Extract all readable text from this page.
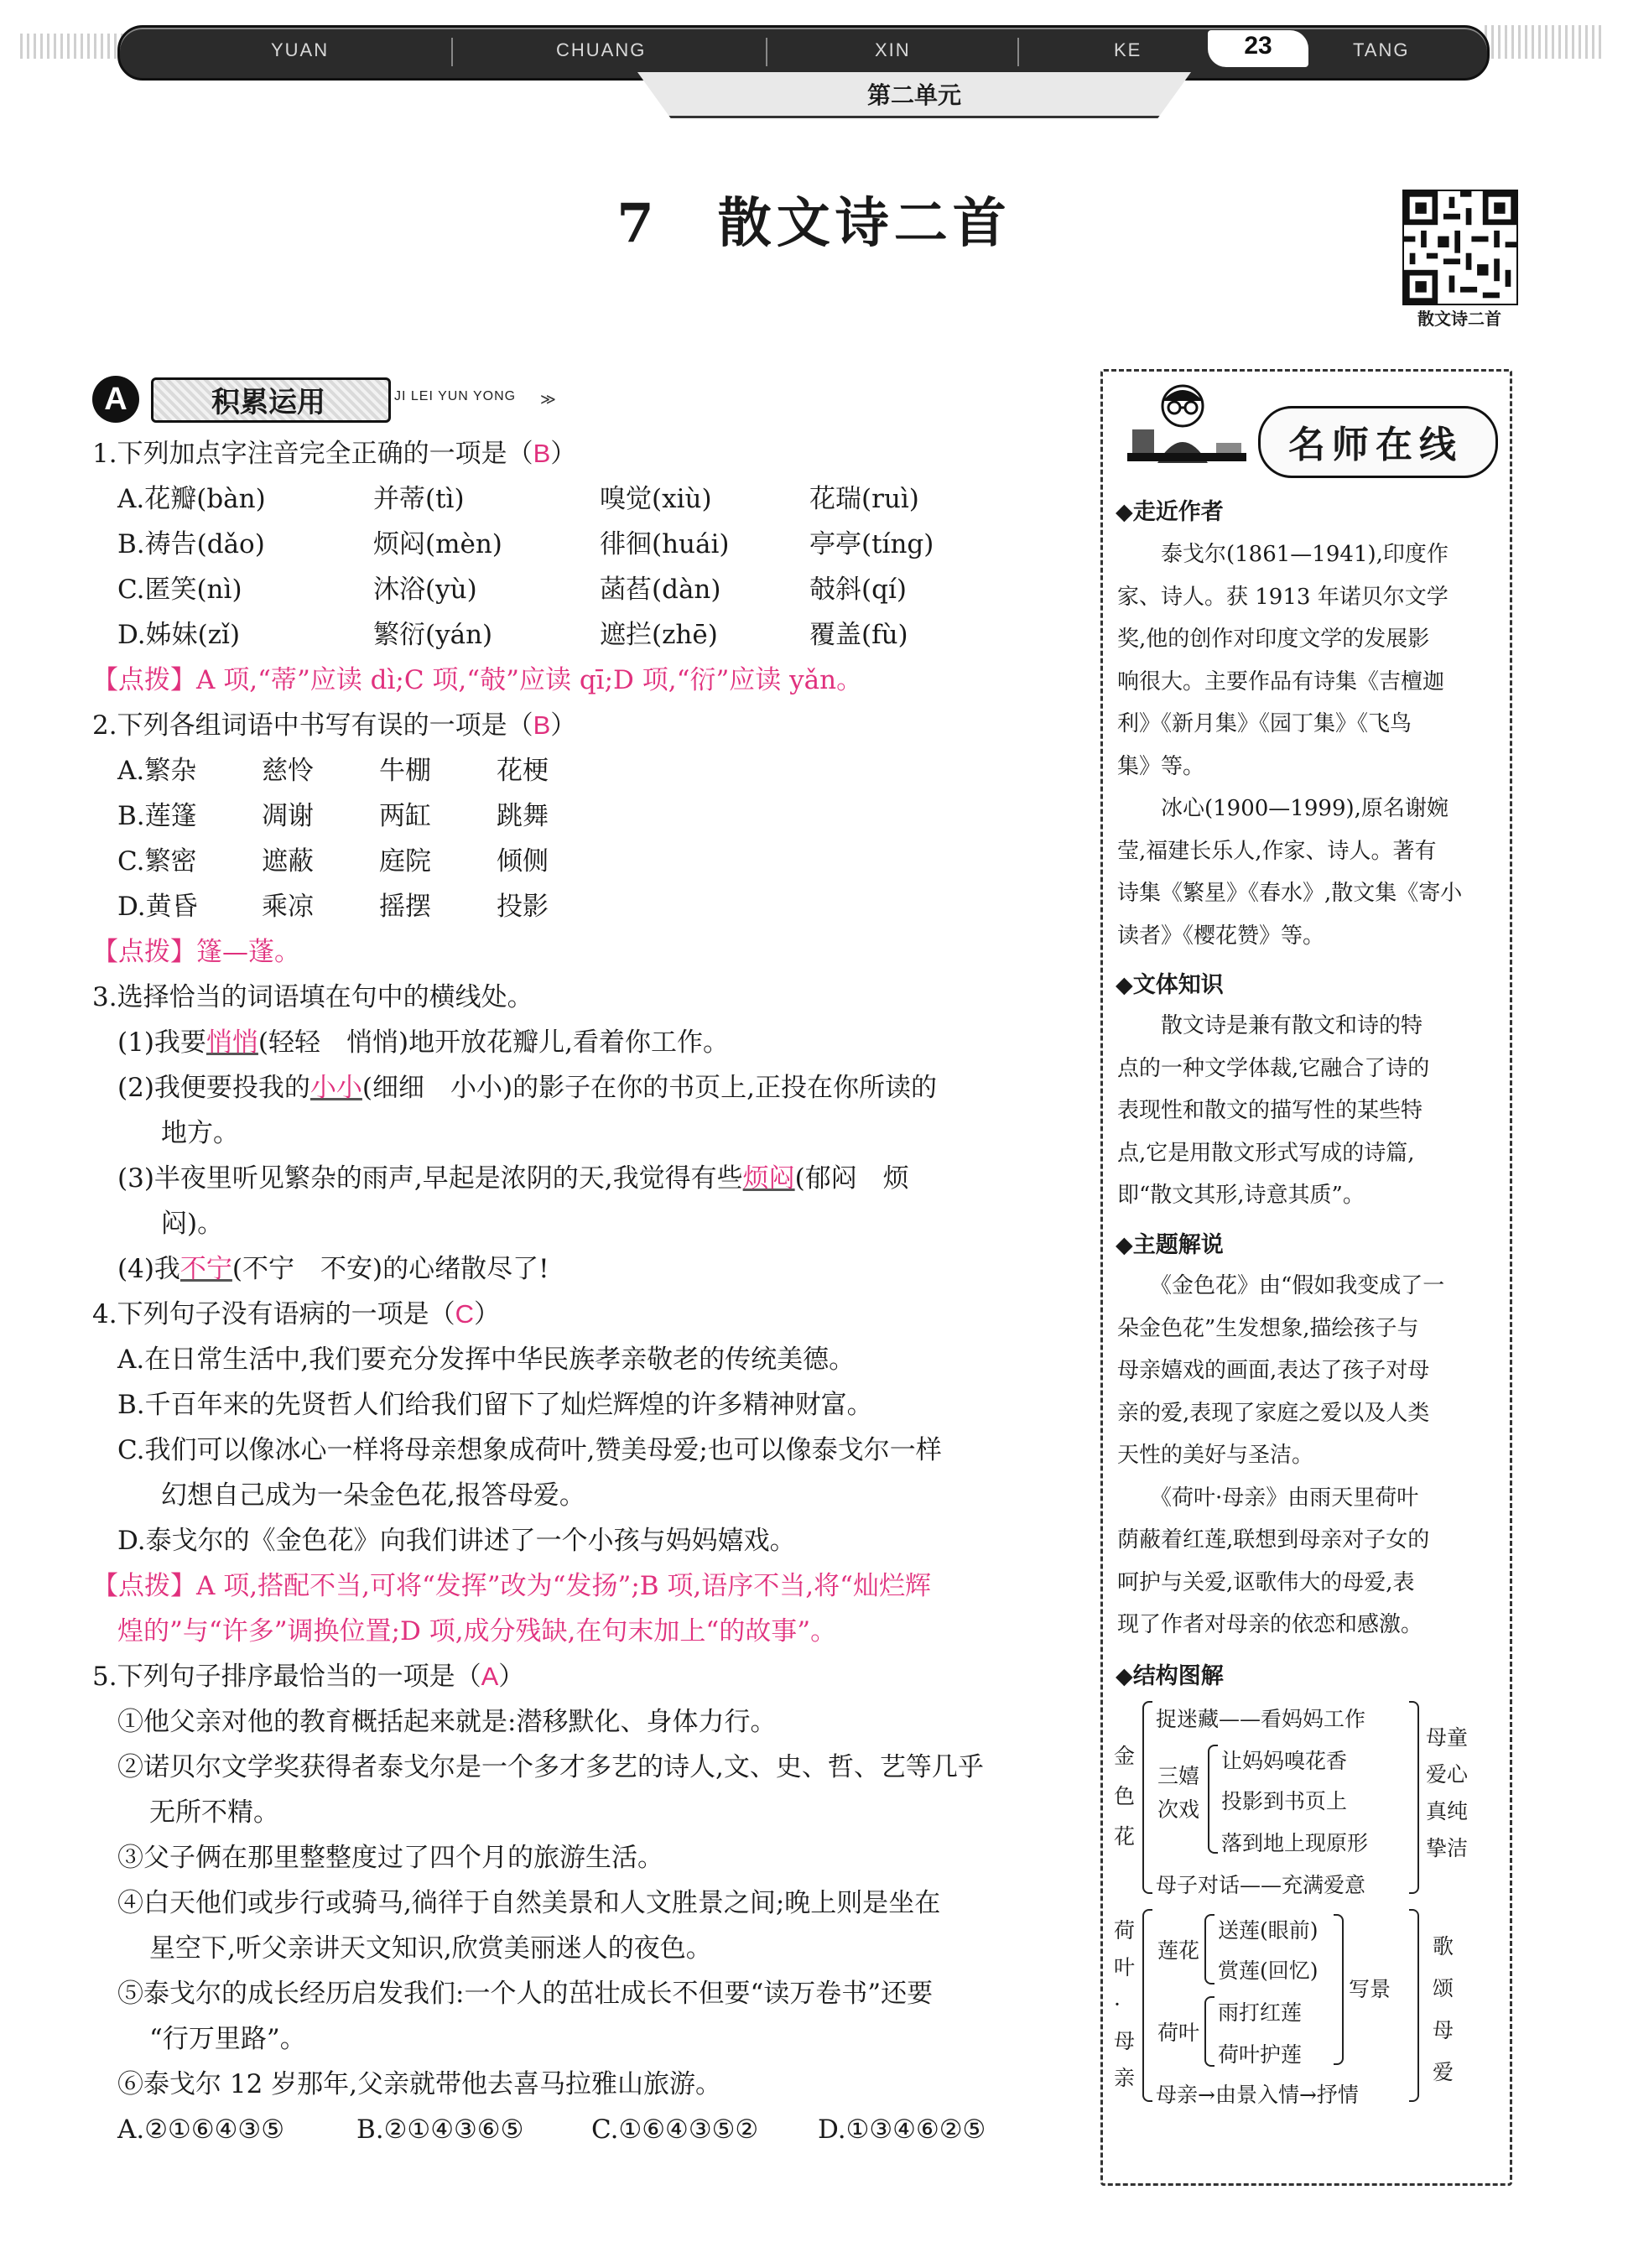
YUAN	CHUANG	XIN	KE	TANG
23
第二单元
7　散文诗二首
散文诗二首
A	积累运用	JI LEI YUN YONG ≫
1.下列加点字注音完全正确的一项是（B）
A.花瓣(bàn)	并蒂(tì)	嗅觉(xiù)	花瑞(ruì)
B.祷告(dǎo)	烦闷(mèn)	徘徊(huái)	亭亭(tíng)
C.匿笑(nì)	沐浴(yù)	菡萏(dàn)	攲斜(qí)
D.姊妹(zǐ)	繁衍(yán)	遮拦(zhē)	覆盖(fù)
【点拨】A 项,“蒂”应读 dì;C 项,“攲”应读 qī;D 项,“衍”应读 yǎn。
2.下列各组词语中书写有误的一项是（B）
A.繁杂	慈怜	牛棚	花梗
B.莲篷 凋谢	两缸	跳舞
C.繁密	遮蔽	庭院	倾侧
D.黄昏 乘凉	摇摆	投影
【点拨】篷—蓬。
3.选择恰当的词语填在句中的横线处。
(1)我要悄悄(轻轻　悄悄)地开放花瓣儿,看着你工作。
(2)我便要投我的小小(细细　小小)的影子在你的书页上,正投在你所读的
地方。
(3)半夜里听见繁杂的雨声,早起是浓阴的天,我觉得有些烦闷(郁闷　烦
闷)。
(4)我不宁(不宁　不安)的心绪散尽了!
4.下列句子没有语病的一项是（C）
A.在日常生活中,我们要充分发挥中华民族孝亲敬老的传统美德。
B.千百年来的先贤哲人们给我们留下了灿烂辉煌的许多精神财富。
C.我们可以像冰心一样将母亲想象成荷叶,赞美母爱;也可以像泰戈尔一样
幻想自己成为一朵金色花,报答母爱。
D.泰戈尔的《金色花》向我们讲述了一个小孩与妈妈嬉戏。
【点拨】A 项,搭配不当,可将“发挥”改为“发扬”;B 项,语序不当,将“灿烂辉
煌的”与“许多”调换位置;D 项,成分残缺,在句末加上“的故事”。
5.下列句子排序最恰当的一项是（A）
①他父亲对他的教育概括起来就是:潜移默化、身体力行。
②诺贝尔文学奖获得者泰戈尔是一个多才多艺的诗人,文、史、哲、艺等几乎
无所不精。
③父子俩在那里整整度过了四个月的旅游生活。
④白天他们或步行或骑马,徜徉于自然美景和人文胜景之间;晚上则是坐在
星空下,听父亲讲天文知识,欣赏美丽迷人的夜色。
⑤泰戈尔的成长经历启发我们:一个人的茁壮成长不但要“读万卷书”还要
“行万里路”。
⑥泰戈尔 12 岁那年,父亲就带他去喜马拉雅山旅游。
A.②①⑥④③⑤	B.②①④③⑥⑤	C.①⑥④③⑤② D.①③④⑥②⑤
名师在线
◆走近作者
　　泰戈尔(1861—1941),印度作
家、诗人。获 1913 年诺贝尔文学
奖,他的创作对印度文学的发展影
响很大。主要作品有诗集《吉檀迦
利》《新月集》《园丁集》《飞鸟
集》等。
　　冰心(1900—1999),原名谢婉
莹,福建长乐人,作家、诗人。著有
诗集《繁星》《春水》,散文集《寄小
读者》《樱花赞》等。
◆文体知识
　　散文诗是兼有散文和诗的特
点的一种文学体裁,它融合了诗的
表现性和散文的描写性的某些特
点,它是用散文形式写成的诗篇,
即“散文其形,诗意其质”。
◆主题解说
　　《金色花》由“假如我变成了一
朵金色花”生发想象,描绘孩子与
母亲嬉戏的画面,表达了孩子对母
亲的爱,表现了家庭之爱以及人类
天性的美好与圣洁。
　　《荷叶·母亲》由雨天里荷叶
荫蔽着红莲,联想到母亲对子女的
呵护与关爱,讴歌伟大的母爱,表
现了作者对母亲的依恋和感激。
◆结构图解
金色花
捉迷藏——看妈妈工作
三嬉次戏
让妈妈嗅花香
投影到书页上
落到地上现原形
母子对话——充满爱意
母童爱心真纯挚洁
荷叶·母亲
莲花
送莲(眼前)
赏莲(回忆)
荷叶
雨打红莲
荷叶护莲
写景
母亲→由景入情→抒情
歌颂母爱
